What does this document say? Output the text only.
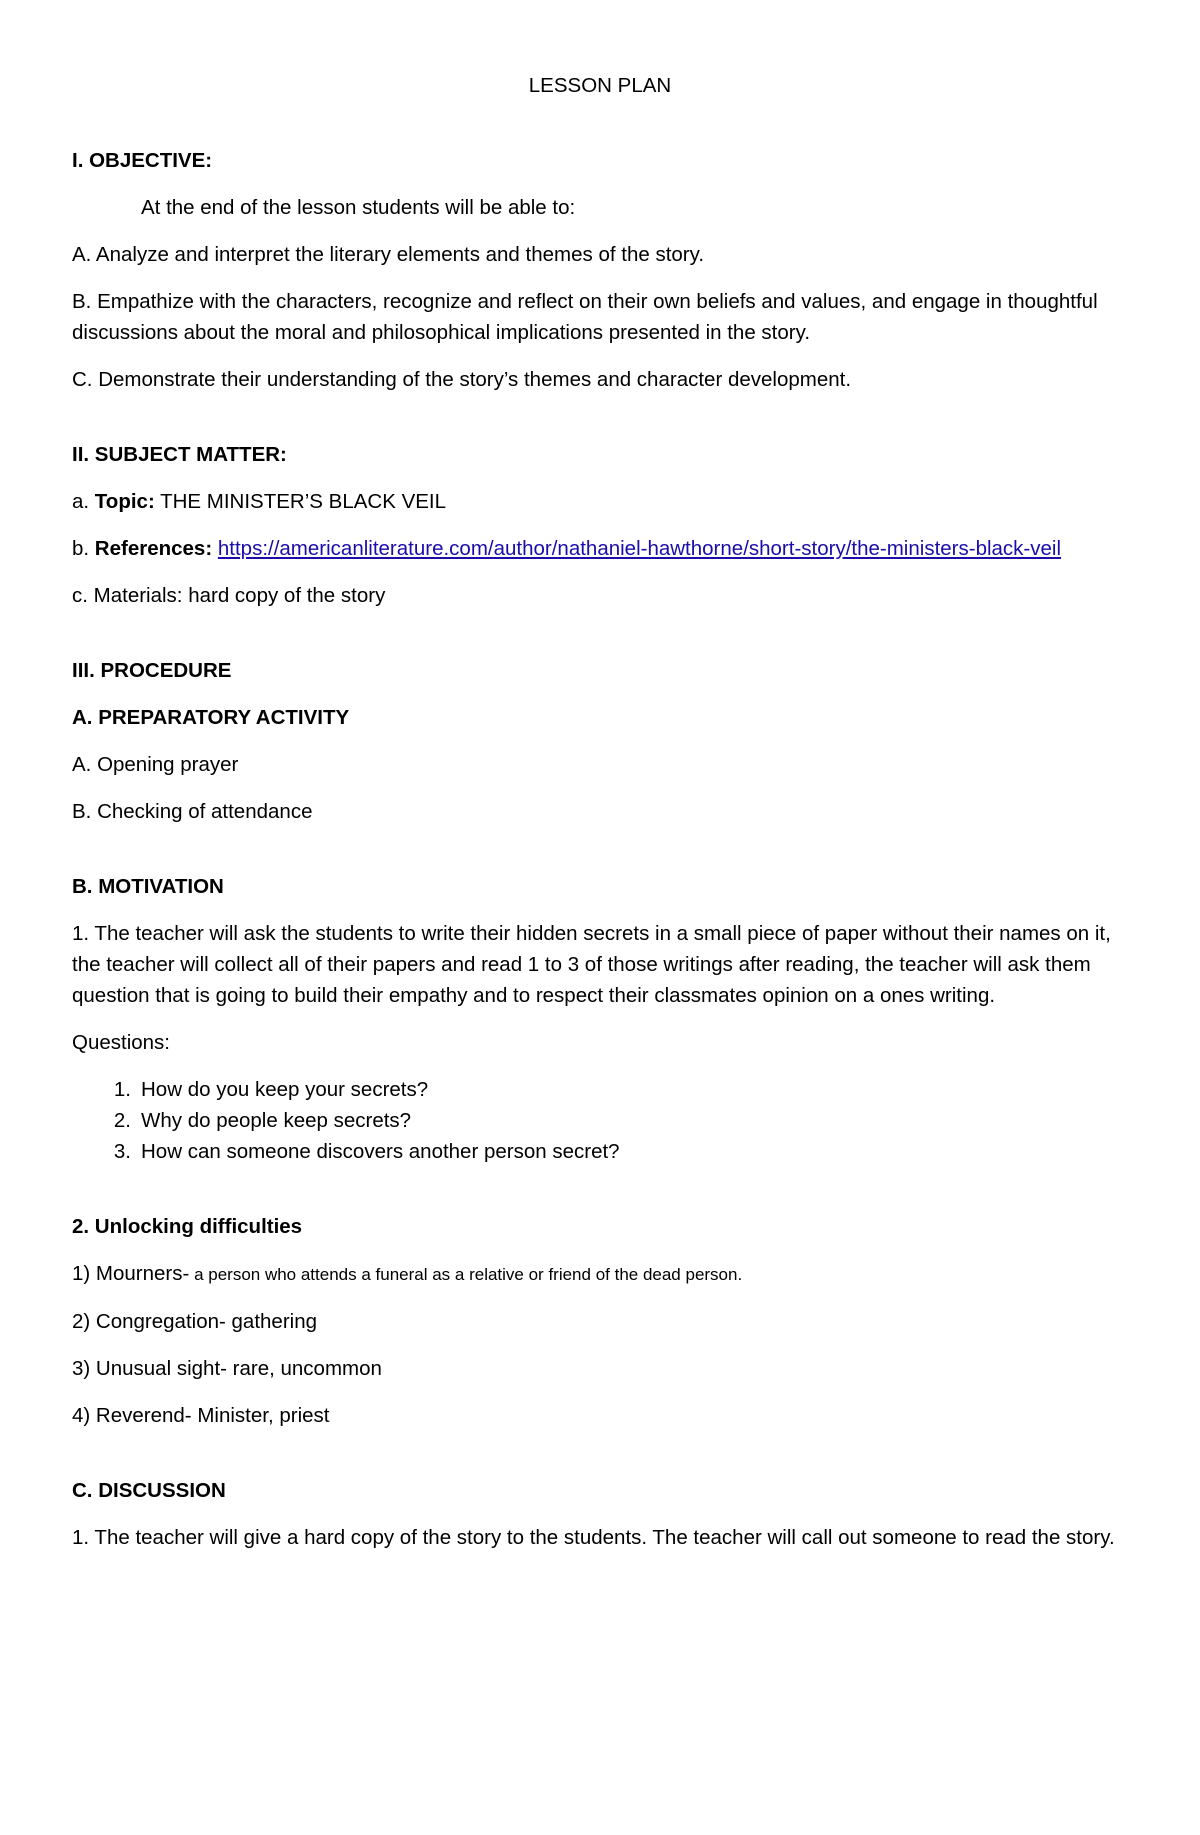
LESSON PLAN
I. OBJECTIVE:
At the end of the lesson students will be able to:
A. Analyze and interpret the literary elements and themes of the story.
B. Empathize with the characters, recognize and reflect on their own beliefs and values, and engage in thoughtful discussions about the moral and philosophical implications presented in the story.
C. Demonstrate their understanding of the story’s themes and character development.
II. SUBJECT MATTER:
a. Topic: THE MINISTER’S BLACK VEIL
b. References: https://americanliterature.com/author/nathaniel-hawthorne/short-story/the-ministers-black-veil
c. Materials: hard copy of the story
III. PROCEDURE
A. PREPARATORY ACTIVITY
A. Opening prayer
B. Checking of attendance
B. MOTIVATION
1. The teacher will ask the students to write their hidden secrets in a small piece of paper without their names on it, the teacher will collect all of their papers and read 1 to 3 of those writings after reading, the teacher will ask them question that is going to build their empathy and to respect their classmates opinion on a ones writing.
Questions:
1. How do you keep your secrets?
2. Why do people keep secrets?
3. How can someone discovers another person secret?
2. Unlocking difficulties
1) Mourners- a person who attends a funeral as a relative or friend of the dead person.
2) Congregation- gathering
3) Unusual sight- rare, uncommon
4) Reverend- Minister, priest
C. DISCUSSION
1. The teacher will give a hard copy of the story to the students. The teacher will call out someone to read the story.
